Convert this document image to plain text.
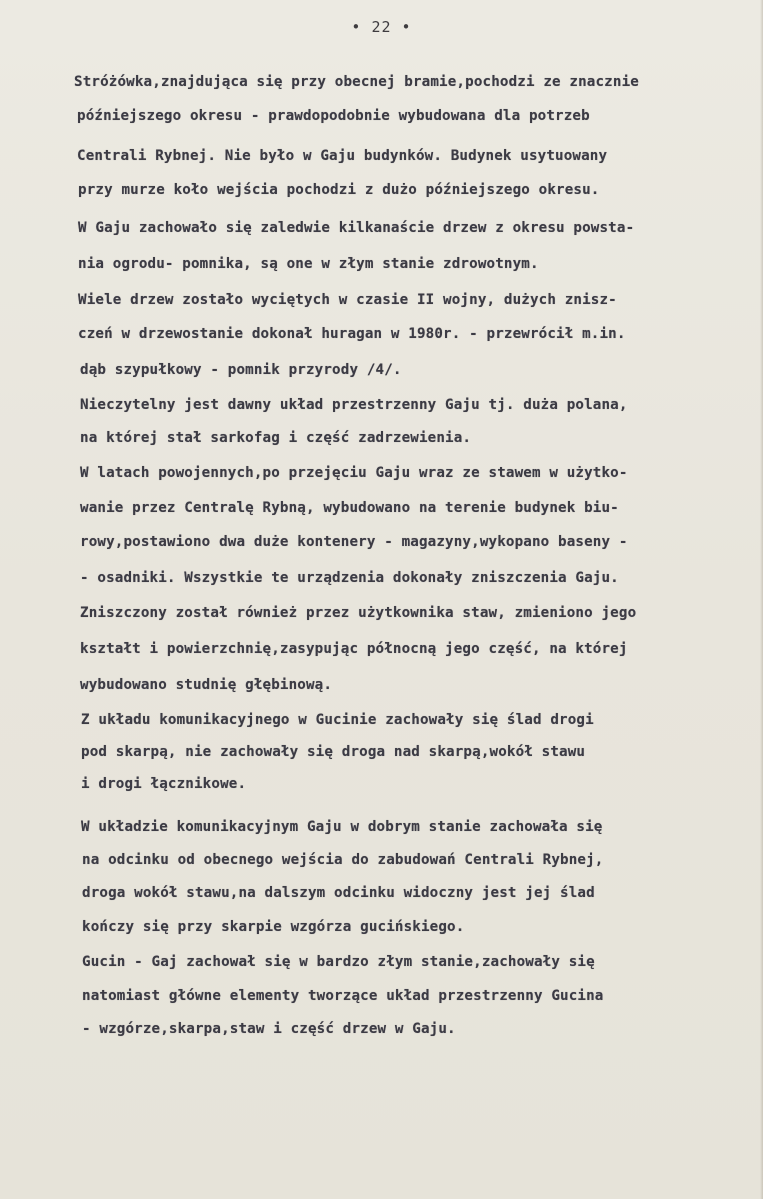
• 22 •
Stróżówka,znajdująca się przy obecnej bramie,pochodzi ze znacznie
późniejszego okresu - prawdopodobnie wybudowana dla potrzeb
Centrali Rybnej. Nie było w Gaju budynków. Budynek usytuowany
przy murze koło wejścia pochodzi z dużo późniejszego okresu.
W Gaju zachowało się zaledwie kilkanaście drzew z okresu powsta-
nia ogrodu- pomnika, są one w złym stanie zdrowotnym.
Wiele drzew zostało wyciętych w czasie II wojny, dużych znisz-
czeń w drzewostanie dokonał huragan w 1980r. - przewrócił m.in.
dąb szypułkowy - pomnik przyrody /4/.
Nieczytelny jest dawny układ przestrzenny Gaju tj. duża polana,
na której stał sarkofag i część zadrzewienia.
W latach powojennych,po przejęciu Gaju wraz ze stawem w użytko-
wanie przez Centralę Rybną, wybudowano na terenie budynek biu-
rowy,postawiono dwa duże kontenery - magazyny,wykopano baseny -
- osadniki. Wszystkie te urządzenia dokonały zniszczenia Gaju.
Zniszczony został również przez użytkownika staw, zmieniono jego
kształt i powierzchnię,zasypując północną jego część, na której
wybudowano studnię głębinową.
Z układu komunikacyjnego w Gucinie zachowały się ślad drogi
pod skarpą, nie zachowały się droga nad skarpą,wokół stawu
i drogi łącznikowe.
W układzie komunikacyjnym Gaju w dobrym stanie zachowała się
na odcinku od obecnego wejścia do zabudowań Centrali Rybnej,
droga wokół stawu,na dalszym odcinku widoczny jest jej ślad
kończy się przy skarpie wzgórza gucińskiego.
Gucin - Gaj zachował się w bardzo złym stanie,zachowały się
natomiast główne elementy tworzące układ przestrzenny Gucina
- wzgórze,skarpa,staw i część drzew w Gaju.
